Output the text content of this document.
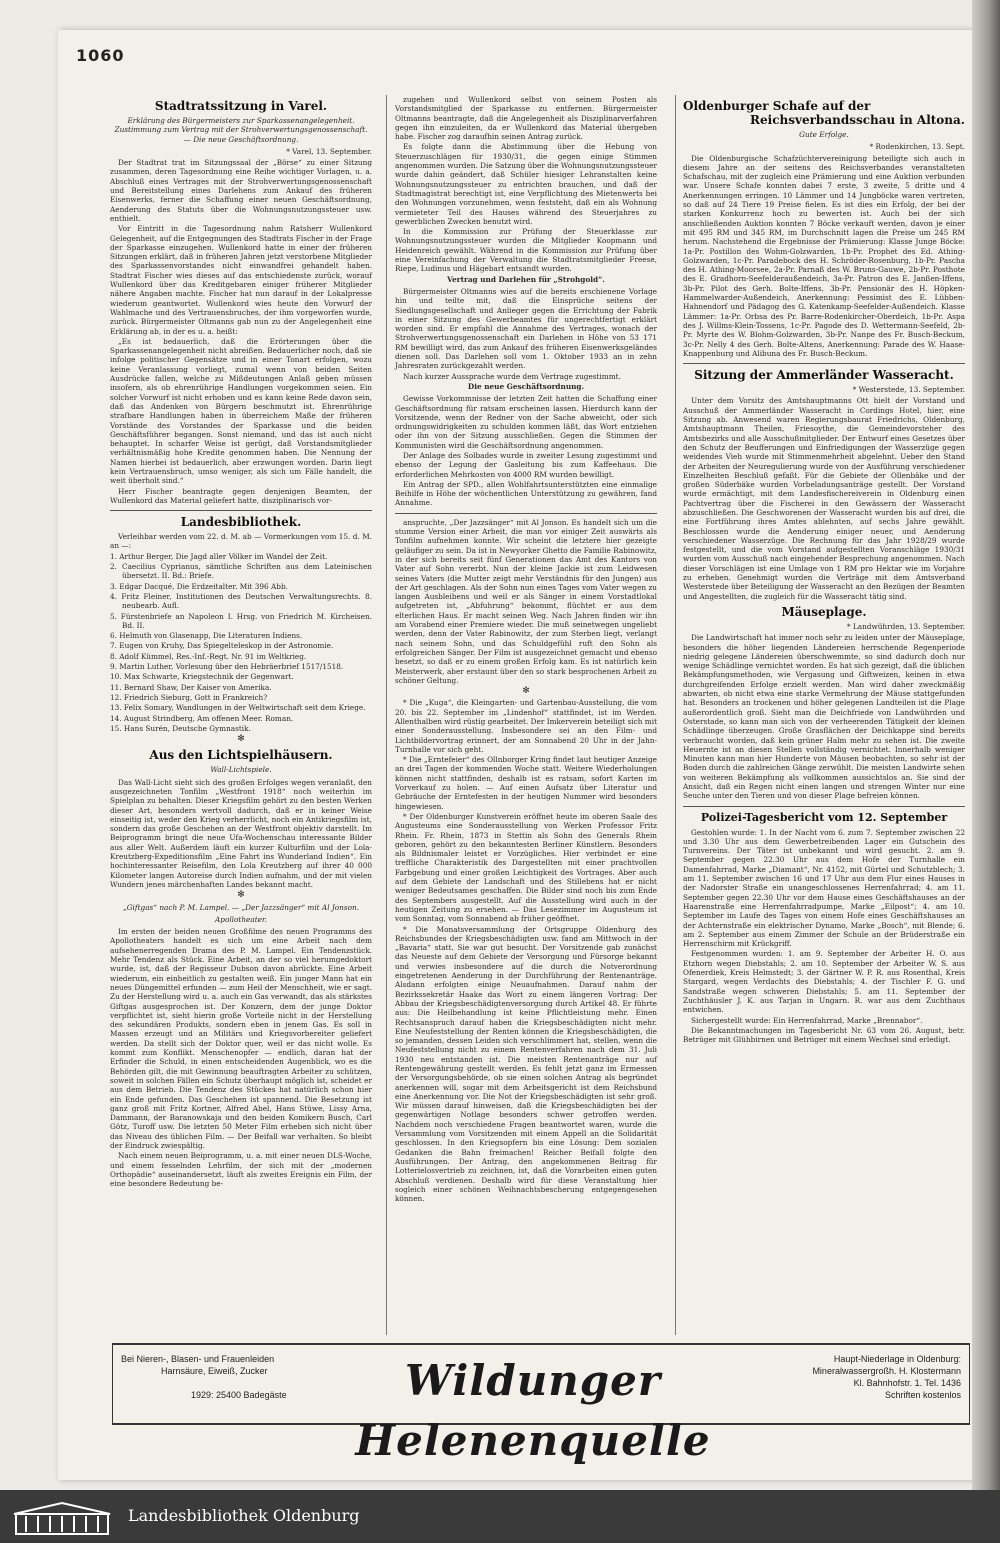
1060
Stadtratssitzung in Varel.
Erklärung des Bürgermeisters zur Sparkassenangelegenheit. Zustimmung zum Vertrag mit der Strohverwertungsgenossenschaft. — Die neue Geschäftsordnung.
* Varel, 13. September.

Der Stadtrat trat im Sitzungssaal der „Börse“ zu einer Sitzung zusammen, deren Tagesordnung eine Reihe wichtiger Vorlagen, u. a. Abschluß eines Vertrages mit der Strohverwertungsgenossenschaft und Bereitstellung eines Darlehens zum Ankauf des früheren Eisenwerks, ferner die Schaffung einer neuen Geschäftsordnung, Aenderung des Statuts über die Wohnungsnutzungssteuer usw. enthielt.

Vor Eintritt in die Tagesordnung nahm Ratsherr Wullenkord Gelegenheit, auf die Entgegnungen des Stadtrats Fischer in der Frage der Sparkasse einzugehen. Wullenkord hatte in einer der früheren Sitzungen erklärt, daß in früheren Jahren jetzt verstorbene Mitglieder des Sparkassenvorstandes nicht einwandfrei gehandelt haben. Stadtrat Fischer wies dieses auf das entschiedenste zurück, worauf Wullenkord über das Kreditgebaren einiger früherer Mitglieder nähere Angaben machte. Fischer hat nun darauf in der Lokalpresse wiederum geantwortet. Wullenkord wies heute den Vorwurf der Wahlmache und des Vertrauensbruches, der ihm vorgeworfen wurde, zurück. Bürgermeister Oltmanns gab nun zu der Angelegenheit eine Erklärung ab, in der es u. a. heißt:

„Es ist bedauerlich, daß die Erörterungen über die Sparkassenangelegenheit nicht abreißen. Bedauerlicher noch, daß sie infolge politischer Gegensätze und in einer Tonart erfolgen, wozu keine Veranlassung vorliegt, zumal wenn von beiden Seiten Ausdrücke fallen, welche zu Mißdeutungen Anlaß geben müssen insofern, als ob ehrenrührige Handlungen vorgekommen seien. Ein solcher Vorwurf ist nicht erhoben und es kann keine Rede davon sein, daß das Andenken von Bürgern beschmutzt ist. Ehrenrührige strafbare Handlungen haben in überreichem Maße der früheren Vorstände des Vorstandes der Sparkasse und die beiden Geschäftsführer begangen. Sonst niemand, und das ist auch nicht behauptet. In scharfer Weise ist gerügt, daß Vorstandsmitglieder verhältnismäßig hohe Kredite genommen haben. Die Nennung der Namen hierbei ist bedauerlich, aber erzwungen worden. Darin liegt kein Vertrauensbruch, umso weniger, als sich um Fälle handelt, die weit überholt sind.“

Herr Fischer beantragte gegen denjenigen Beamten, der Wullenkord das Material geliefert hatte, disziplinarisch vor-

Landesbibliothek.

Verleihbar werden vom 22. d. M. ab — Vormerkungen vom 15. d. M. an —:

1. Arthur Berger, Die Jagd aller Völker im Wandel der Zeit.
2. Caecilius Cyprianus, sämtliche Schriften aus dem Lateinischen übersetzt. II. Bd.: Briefe.
3. Edgar Dacqué, Die Erdzeitalter. Mit 396 Abb.
4. Fritz Fleiner, Institutionen des Deutschen Verwaltungsrechts. 8. neubearb. Aufl.
5. Fürstenbriefe an Napoleon I. Hrsg. von Friedrich M. Kircheisen. Bd. II.
6. Helmuth von Glasenapp, Die Literaturen Indiens.
7. Eugen von Kruhy, Das Spiegelteleskop in der Astronomie.
8. Adolf Kümmel, Res.-Inf.-Regt. Nr. 91 im Weltkrieg.
9. Martin Luther, Vorlesung über den Hebräerbrief 1517/1518.
10. Max Schwarte, Kriegstechnik der Gegenwart.
11. Bernard Shaw, Der Kaiser von Amerika.
12. Friedrich Sieburg, Gott in Frankreich?
13. Felix Somary, Wandlungen in der Weltwirtschaft seit dem Kriege.
14. August Strindberg, Am offenen Meer. Roman.
15. Hans Surén, Deutsche Gymnastik.
✻
Aus den Lichtspielhäusern.
Wall-Lichtspiele.

Das Wall-Licht sieht sich des großen Erfolges wegen veranlaßt, den ausgezeichneten Tonfilm „Westfront 1918“ noch weiterhin im Spielplan zu behalten. Dieser Kriegsfilm gehört zu den besten Werken dieser Art, besonders wertvoll dadurch, daß er in keiner Weise einseitig ist, weder den Krieg verherrlicht, noch ein Antikriegsfilm ist, sondern das große Geschehen an der Westfront objektiv darstellt. Im Beiprogramm bringt die neue Ufa-Wochenschau interessante Bilder aus aller Welt. Außerdem läuft ein kurzer Kulturfilm und der Lola-Kreutzberg-Expeditionsfilm „Eine Fahrt ins Wunderland Indien“. Ein hochinteressanter Reisefilm, den Lola Kreutzberg auf ihrer 40 000 Kilometer langen Autoreise durch Indien aufnahm, und der mit vielen Wundern jenes märchenhaften Landes bekannt macht.

✻
„Giftgas“ nach P. M. Lampel. — „Der Jazzsänger“ mit Al Jonson.
Apollotheater.

Im ersten der beiden neuen Großfilme des neuen Programms des Apollotheaters handelt es sich um eine Arbeit nach dem aufsehenerregenden Drama des P. M. Lampel. Ein Tendenzstück. Mehr Tendenz als Stück. Eine Arbeit, an der so viel herumgedoktort wurde, ist, daß der Regisseur Dubson davon abrückte. Eine Arbeit wiederum, ein einheitlich zu gestalten weiß. Ein junger Mann hat ein neues Düngemittel erfunden — zum Heil der Menschheit, wie er sagt. Zu der Herstellung wird u. a. auch ein Gas verwandt, das als stärkstes Giftgas ausgesprochen ist. Der Konzern, dem der junge Doktor verpflichtet ist, sieht hierin große Vorteile nicht in der Herstellung des sekundären Produkts, sondern eben in jenem Gas. Es soll in Massen erzeugt und an Militärs und Kriegsvorbereiter geliefert werden. Da stellt sich der Doktor quer, weil er das nicht wolle. Es kommt zum Konflikt. Menschenopfer — endlich, daran hat der Erfinder die Schuld, in einen entscheidenden Augenblick, wo es die Behörden gilt, die mit Gewinnung beauftragten Arbeiter zu schützen, soweit in solchen Fällen ein Schutz überhaupt möglich ist, scheidet er aus dem Betrieb. Die Tendenz des Stückes hat natürlich schon hier ein Ende gefunden. Das Geschehen ist spannend. Die Besetzung ist ganz groß mit Fritz Kortner, Alfred Abel, Hans Stüwe, Lissy Arna, Dammann, der Baranowskaja und den beiden Komikern Busch, Carl Götz, Turoff usw. Die letzten 50 Meter Film erheben sich nicht über das Niveau des üblichen Film. — Der Beifall war verhalten. So bleibt der Eindruck zwiespältig.

Nach einem neuen Beiprogramm, u. a. mit einer neuen DLS-Woche, und einem fesselnden Lehrfilm, der sich mit der „modernen Orthopädie“ auseinandersetzt, läuft als zweites Ereignis ein Film, der eine besondere Bedeutung be-

zugehen und Wullenkord selbst von seinem Posten als Vorstandsmitglied der Sparkasse zu entfernen. Bürgermeister Oltmanns beantragte, daß die Angelegenheit als Disziplinarverfahren gegen ihn einzuleiten, da er Wullenkord das Material übergeben habe. Fischer zog daraufhin seinen Antrag zurück.

Es folgte dann die Abstimmung über die Hebung von Steuerzuschlägen für 1930/31, die gegen einige Stimmen angenommen wurden. Die Satzung über die Wohnungsnutzungssteuer wurde dahin geändert, daß Schüler hiesiger Lehranstalten keine Wohnungsnutzungssteuer zu entrichten brauchen, und daß der Stadtmagistrat berechtigt ist, eine Verpflichtung des Mietenwerts bei den Wohnungen vorzunehmen, wenn feststeht, daß ein als Wohnung vermieteter Teil des Hauses während des Steuerjahres zu gewerblichen Zwecken benutzt wird.

In die Kommission zur Prüfung der Steuerklasse zur Wohnungsnutzungssteuer wurden die Mitglieder Koopmann und Heidenreich gewählt. Während in die Kommission zur Prüfung über eine Vereinfachung der Verwaltung die Stadtratsmitglieder Freese, Riepe, Ludinus und Hägebart entsandt wurden.

Vertrag und Darlehen für „Strohgold“.

Bürgermeister Oltmanns wies auf die bereits erschienene Vorlage hin und teilte mit, daß die Einsprüche seitens der Siedlungsgesellschaft und Anlieger gegen die Errichtung der Fabrik in einer Sitzung des Gewerbeamtes für ungerechtfertigt erklärt worden sind. Er empfahl die Annahme des Vertrages, wonach der Strohverwertungsgenossenschaft ein Darlehen in Höhe von 53 171 RM bewilligt wird, das zum Ankauf des früheren Eisenwerksgeländes dienen soll. Das Darlehen soll vom 1. Oktober 1933 an in zehn Jahresraten zurückgezahlt werden.

Nach kurzer Aussprache wurde dem Vertrage zugestimmt.

Die neue Geschäftsordnung.

Gewisse Vorkommnisse der letzten Zeit hatten die Schaffung einer Geschäftsordnung für ratsam erscheinen lassen. Hierdurch kann der Vorsitzende, wenn der Redner von der Sache abweicht, oder sich ordnungswidrigkeiten zu schulden kommen läßt, das Wort entziehen oder ihn von der Sitzung ausschließen. Gegen die Stimmen der Kommunisten wird die Geschäftsordnung angenommen.

Der Anlage des Solbades wurde in zweiter Lesung zugestimmt und ebenso der Legung der Gasleitung bis zum Kaffeehaus. Die erforderlichen Mehrkosten von 4000 RM wurden bewilligt.

Ein Antrag der SPD., allen Wohlfahrtsunterstützten eine einmalige Beihilfe in Höhe der wöchentlichen Unterstützung zu gewähren, fand Annahme.

anspruchte, „Der Jazzsänger“ mit Al Jonson. Es handelt sich um die stumme Version einer Arbeit, die man vor einiger Zeit auswärts als Tonfilm aufnehmen konnte. Wir scheint die letztere hier gezeigte geläufiger zu sein. Da ist in Newyorker Ghetto die Familie Rabinowitz, in der sich bereits seit fünf Generationen das Amt des Kantors von Vater auf Sohn vererbt. Nun der kleine Jackie ist zum Leidwesen seines Vaters (die Mutter zeigt mehr Verständnis für den Jungen) aus der Art geschlagen. Als der Sohn nun eines Tages vom Vater wegen zu langen Ausbleibens und weil er als Sänger in einem Vorstadtlokal aufgetreten ist, „Abfuhrung“ bekommt, flüchtet er aus dem elterlichen Haus. Er macht seinen Weg. Nach Jahren finden wir ihn am Vorabend einer Premiere wieder. Die muß seinetwegen ungeliebt werden, denn der Vater Rabinowitz, der zum Sterben liegt, verlangt nach seinem Sohn, und das Schuldgefühl ruft den Sohn als erfolgreichen Sänger. Der Film ist ausgezeichnet gemacht und ebenso besetzt, so daß er zu einem großen Erfolg kam. Es ist natürlich kein Meisterwerk, aber erstaunt über den so stark besprochenen Arbeit zu schöner Geltung.

✻

* Die „Kuga“, die Kleingarten- und Gartenbau-Ausstellung, die vom 20. bis 22. September im „Lindenhof“ stattfindet, ist im Werden. Allenthalben wird rüstig gearbeitet. Der Imkerverein beteiligt sich mit einer Sonderausstellung. Insbesondere sei an den Film- und Lichtbildervortrag erinnert, der am Sonnabend 20 Uhr in der Jahn-Turnhalle vor sich geht.

* Die „Erntefeier“ des Ollnborger Kring findet laut heutiger Anzeige an drei Tagen der kommenden Woche statt. Weitere Wiederholungen können nicht stattfinden, deshalb ist es ratsam, sofort Karten im Vorverkauf zu holen. — Auf einen Aufsatz über Literatur und Gebräuche der Erntefesten in der heutigen Nummer wird besonders hingewiesen.

* Der Oldenburger Kunstverein eröffnet heute im oberen Saale des Augusteums eine Sonderausstellung von Werken Professor Fritz Rhein. Fr. Rhein, 1873 in Stettin als Sohn des Generals Rhein geboren, gehört zu den bekanntesten Berliner Künstlern. Besonders als Bildnismaler leistet er Vorzügliches. Hier verbindet er eine treffliche Charakteristik des Dargestellten mit einer prachtvollen Farbgebung und einer großen Leichtigkeit des Vortrages. Aber auch auf dem Gebiete der Landschaft und des Stillebens hat er nicht weniger Bedeutsames geschaffen. Die Bilder sind noch bis zum Ende des Septembers ausgestellt. Auf die Ausstellung wird auch in der heutigen Zeitung zu ersehen. — Das Lesezimmer im Augusteum ist vom Sonntag, vom Sonnabend ab früher geöffnet.

* Die Monatsversammlung der Ortsgruppe Oldenburg des Reichsbundes der Kriegsbeschädigten usw. fand am Mittwoch in der „Bavaria“ statt. Sie war gut besucht. Der Vorsitzende gab zunächst das Neueste auf dem Gebiete der Versorgung und Fürsorge bekannt und verwies insbesondere auf die durch die Notverordnung eingetretenen Aenderung in der Durchführung der Rentenanträge. Alsdann erfolgten einige Neuaufnahmen. Darauf nahm der Bezirkssekretär Haake das Wort zu einem längeren Vortrag: Der Abbau der Kriegsbeschädigtenversorgung durch Artikel 48. Er führte aus: Die Heilbehandlung ist keine Pflichtleistung mehr. Einen Rechtsanspruch darauf haben die Kriegsbeschädigten nicht mehr. Eine Neufeststellung der Renten können die Kriegsbeschädigten, die so jemanden, dessen Leiden sich verschlimmert hat, stellen, wenn die Neufeststellung nicht zu einem Rentenverfahren nach dem 31. Juli 1930 neu entstanden ist. Die meisten Rentenanträge nur auf Rentengewährung gestellt werden. Es fehlt jetzt ganz im Ermessen der Versorgungsbehörde, ob sie einen solchen Antrag als begründet anerkennen will, sogar mit dem Arbeitsgericht ist dem Reichsbund eine Anerkennung vor. Die Not der Kriegsbeschädigten ist sehr groß. Wir müssen darauf hinweisen, daß die Kriegsbeschädigten bei der gegenwärtigen Notlage besonders schwer getroffen werden. Nachdem noch verschiedene Fragen beantwortet waren, wurde die Versammlung vom Vorsitzenden mit einem Appell an die Solidarität geschlossen. In den Kriegsopfern bis eine Lösung: Dem sozialen Gedanken die Bahn freimachen! Reicher Beifall folgte den Ausführungen. Der Antrag, den angekommenen Beitrag für Lotterielosvertrieb zu zeichnen, ist, daß die Vorarbeiten einen guten Abschluß verdienen. Deshalb wird für diese Veranstaltung hier sogleich einer schönen Weihnachtsbescherung entgegengesehen können.

Oldenburger Schafe auf der
Reichsverbandsschau in Altona.
Gute Erfolge.
* Rodenkirchen, 13. Sept.

Die Oldenburgische Schafzüchtervereinigung beteiligte sich auch in diesem Jahre an der seitens des Reichsverbandes veranstalteten Schafschau, mit der zugleich eine Prämierung und eine Auktion verbunden war. Unsere Schafe konnten dabei 7 erste, 3 zweite, 5 dritte und 4 Anerkennungen erringen. 10 Lämmer und 14 Jungböcke waren vertreten, so daß auf 24 Tiere 19 Preise fielen. Es ist dies ein Erfolg, der bei der starken Konkurrenz hoch zu bewerten ist. Auch bei der sich anschließenden Auktion konnten 7 Böcke verkauft werden, davon je einer mit 495 RM und 345 RM, im Durchschnitt lagen die Preise um 245 RM herum. Nachstehend die Ergebnisse der Prämierung: Klasse Junge Böcke: 1a-Pr. Postillon des Wohm-Golzwarden, 1b-Pr. Prophet des Ed. Athing-Golzwarden, 1c-Pr. Paradebock des H. Schröder-Rosenburg, 1b-Pr. Pascha des H. Athing-Moorsee, 2a-Pr. Parnaß des W. Bruns-Gauwe, 2b-Pr. Posthote des E. Gradhorn-Seefelderaußendeich, 3a-Pr. Patron des E. Janßen-Iffens, 3b-Pr. Pilot des Gerh. Bolte-Iffens, 3b-Pr. Pensionär des H. Höpken-Hammelwarder-Außendeich, Anerkennung: Pessimist des E. Lübben-Hahnendorf und Pädagog des G. Katenkamp-Seefelder-Außendeich. Klasse Lämmer: 1a-Pr. Orbsa des Pr. Barre-Rodenkircher-Oberdeich, 1b-Pr. Aspa des J. Willms-Klein-Tossens, 1c-Pr. Pagode des D. Wettermann-Seefeld, 2b-Pr. Myrte des W. Blohm-Golzwarden, 3b-Pr. Nanpe des Fr. Busch-Beckum, 3c-Pr. Nelly 4 des Gerh. Bolte-Altens, Anerkennung: Parade des W. Haase-Knappenburg und Alibuna des Fr. Busch-Beckum.

Sitzung der Ammerländer Wasseracht.
* Westerstede, 13. September.

Unter dem Vorsitz des Amtshauptmanns Ott hielt der Vorstand und Ausschuß der Ammerländer Wasseracht in Cordings Hotel, hier, eine Sitzung ab. Anwesend waren Regierungsbaurat Friedrichs, Oldenburg, Amtshauptmann Theilen, Friesoythe, die Gemeindevorsteher des Amtsbezirks und alle Ausschußmitglieder. Der Entwurf eines Gesetzes über den Schutz der Beufferungen und Einfriedigungen der Wasserzüge gegen weidendes Vieh wurde mit Stimmenmehrheit abgelehnt. Ueber den Stand der Arbeiten der Neuregulierung wurde von der Ausführung verschiedener Einzelheiten Beschluß gefaßt. Für die Gebiete der Ollenbäke und der großen Süderbäke wurden Vorbeladungsanträge gestellt. Der Vorstand wurde ermächtigt, mit dem Landesfischereiverein in Oldenburg einen Pachtvertrag über die Fischerei in den Gewässern der Wasseracht abzuschließen. Die Geschworenen der Wasseracht wurden bis auf drei, die eine Fortführung ihres Amtes ablehnten, auf sechs Jahre gewählt. Beschlossen wurde die Aenderung einiger neuer, und Aenderung verschiedener Wasserzüge. Die Rechnung für das Jahr 1928/29 wurde festgestellt, und die vom Vorstand aufgestellten Voranschläge 1930/31 wurden vom Ausschuß nach eingehender Besprechung angenommen. Nach dieser Vorschlägen ist eine Umlage von 1 RM pro Hektar wie im Vorjahre zu erheben. Genehmigt wurden die Verträge mit dem Amtsverband Westerstede über Beteiligung der Wasseracht an den Bezügen der Beamten und Angestellten, die zugleich für die Wasseracht tätig sind.

Mäuseplage.
* Landwührden, 13. September.

Die Landwirtschaft hat immer noch sehr zu leiden unter der Mäuseplage, besonders die höher liegenden Ländereien herrschende Regenperiode niedrig gelegene Ländereien überschwemmte, so sind dadurch doch nur wenige Schädlinge vernichtet worden. Es hat sich gezeigt, daß die üblichen Bekämpfungsmethoden, wie Vergasung und Giftweizen, keinen in etwa durchgreifenden Erfolge erzielt werden. Man wird daher zweckmäßig abwarten, ob nicht etwa eine starke Vermehrung der Mäuse stattgefunden hat. Besonders an trockenen und höher gelegenen Landteilen ist die Plage außerordentlich groß. Sieht man die Deichfriede von Landwührden und Osterstade, so kann man sich von der verheerenden Tätigkeit der kleinen Schädlinge überzeugen. Große Grasflächen der Deichkappe sind bereits verbraucht worden, daß kein grüner Halm mehr zu sehen ist. Die zweite Heuernte ist an diesen Stellen vollständig vernichtet. Innerhalb weniger Minuten kann man hier Hunderte von Mäusen beobachten, so sehr ist der Boden durch die zahlreichen Gänge zerwühlt. Die meisten Landwirte sehen von weiteren Bekämpfung als vollkommen aussichtslos an. Sie sind der Ansicht, daß ein Regen nicht einen langen und strengen Winter nur eine Seuche unter den Tieren und von dieser Plage befreien können.

Polizei-Tagesbericht vom 12. September

Gestohlen wurde: 1. In der Nacht vom 6. zum 7. September zwischen 22 und 3.30 Uhr aus dem Gewerbetreibenden Lager ein Gutschein des Turnvereins. Der Täter ist unbekannt und wird gesucht. 2. am 9. September gegen 22.30 Uhr aus dem Hofe der Turnhalle ein Damenfahrrad, Marke „Diamant“, Nr. 4152, mit Gürtel und Schutzblech; 3. am 11. September zwischen 16 und 17 Uhr aus dem Flur eines Hauses in der Nadorster Straße ein unangeschlossenes Herrenfahrrad; 4. am 11. September gegen 22.30 Uhr vor dem Hause eines Geschäftshauses an der Haarenstraße eine Herrenfahrradpumpe, Marke „Eilpost“; 4. am 10. September im Laufe des Tages von einem Hofe eines Geschäftshauses an der Achternstraße ein elektrischer Dynamo, Marke „Bosch“, mit Blende; 6. am 2. September aus einem Zimmer der Schule an der Brüderstraße ein Herrenschirm mit Krückgriff.

Festgenommen wurden: 1. am 9. September der Arbeiter H. O. aus Etzhorn wegen Diebstahls; 2. am 10. September der Arbeiter W. S. aus Ofenerdiek, Kreis Helmstedt; 3. der Gärtner W. P. R. aus Rosenthal, Kreis Stargard, wegen Verdachts des Diebstahls; 4. der Tischler F. G. und Sandstraße wegen schweren Diebstahls; 5. am 11. September der Zuchthäusler J. K. aus Tarjan in Ungarn. R. war aus dem Zuchthaus entwichen.

Sichergestellt wurde: Ein Herrenfahrrad, Marke „Brennabor“.

Die Bekanntmachungen im Tagesbericht Nr. 63 vom 26. August, betr. Betrüger mit Glühbirnen und Betrüger mit einem Wechsel sind erledigt.

Bei Nieren-, Blasen- und Frauenleiden
Harnsäure, Eiweiß, Zucker
1929: 25400 Badegäste	Wildunger Helenenquelle
Haupt-Niederlage in Oldenburg:
Mineralwassergroßh. H. Klostermann
Kl. Bahnhofstr. 1. Tel. 1436
Schriften kostenlos
Landesbibliothek Oldenburg
